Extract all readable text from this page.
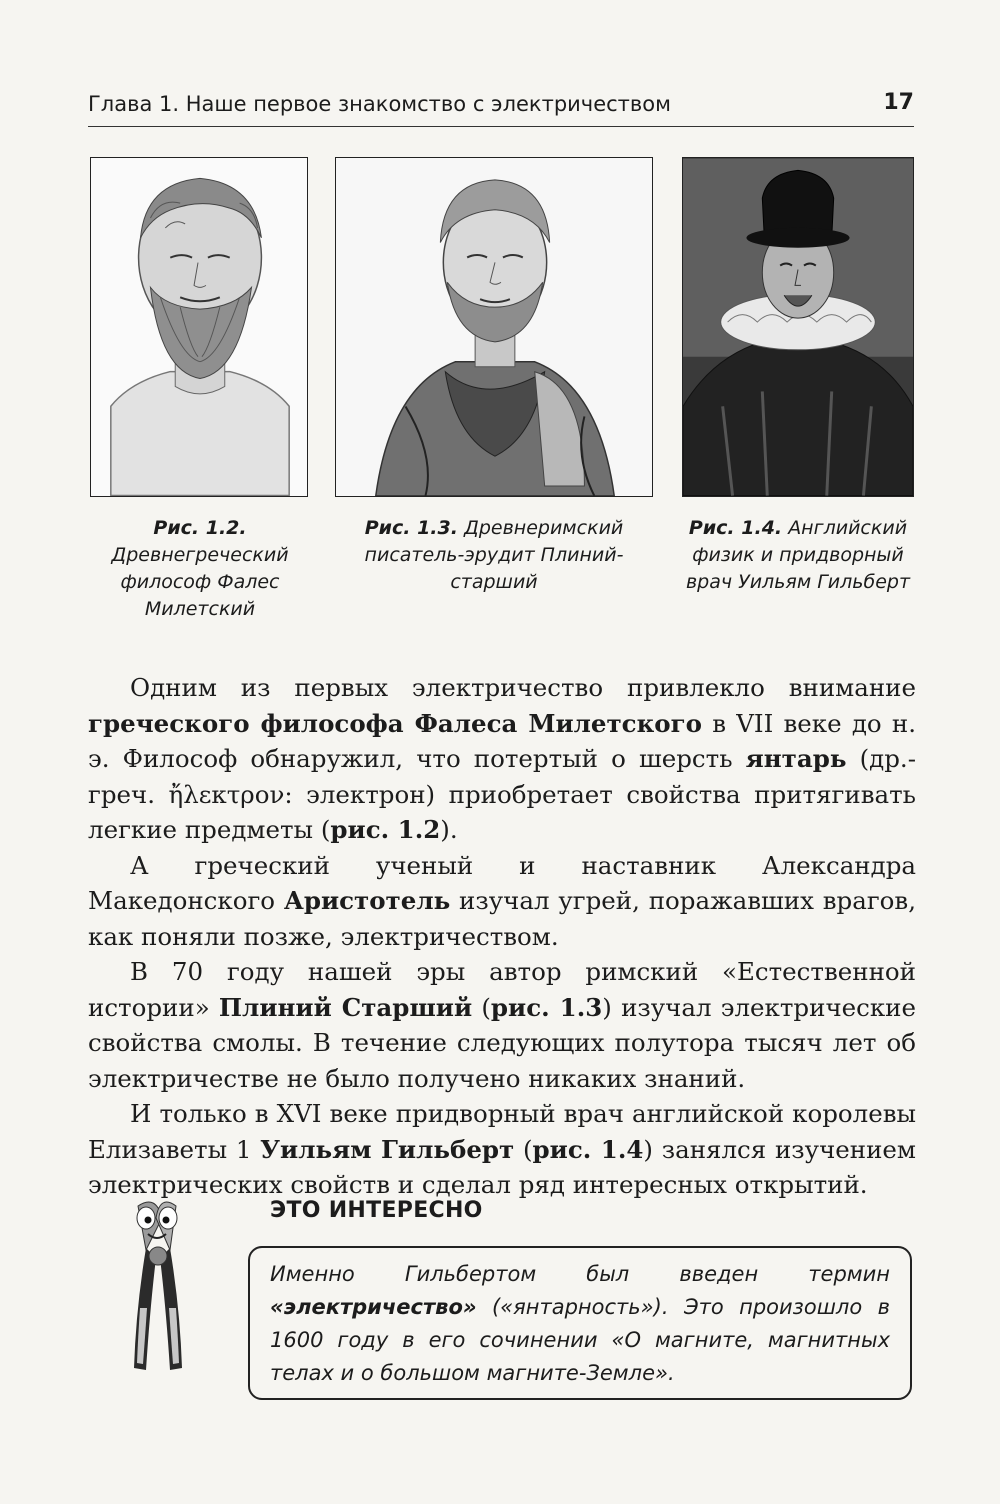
Глава 1. Наше первое знакомство с электричеством	17
Рис. 1.2.
Древнегреческий философ Фалес Милетский
Рис. 1.3. Древнеримский писатель-эрудит Плиний-старший
Рис. 1.4. Английский физик и придворный врач Уильям Гильберт

Одним из первых электричество привлекло внимание греческого философа Фалеса Милетского в VII веке до н. э. Философ обнаружил, что потертый о шерсть янтарь (др.-греч. ἤλεκτρον: электрон) приобретает свойства притягивать легкие предметы (рис. 1.2).

А греческий ученый и наставник Александра Македонского Аристотель изучал угрей, поражавших врагов, как поняли позже, электричеством.

В 70 году нашей эры автор римский «Естественной истории» Плиний Старший (рис. 1.3) изучал электрические свойства смолы. В течение следующих полутора тысяч лет об электричестве не было получено никаких знаний.

И только в XVI веке придворный врач английской королевы Елизаветы 1 Уильям Гильберт (рис. 1.4) занялся изучением электрических свойств и сделал ряд интересных открытий.

ЭТО ИНТЕРЕСНО
Именно Гильбертом был введен термин «электричество» («янтарность»). Это произошло в 1600 году в его сочинении «О магните, магнитных телах и о большом магните-Земле».
